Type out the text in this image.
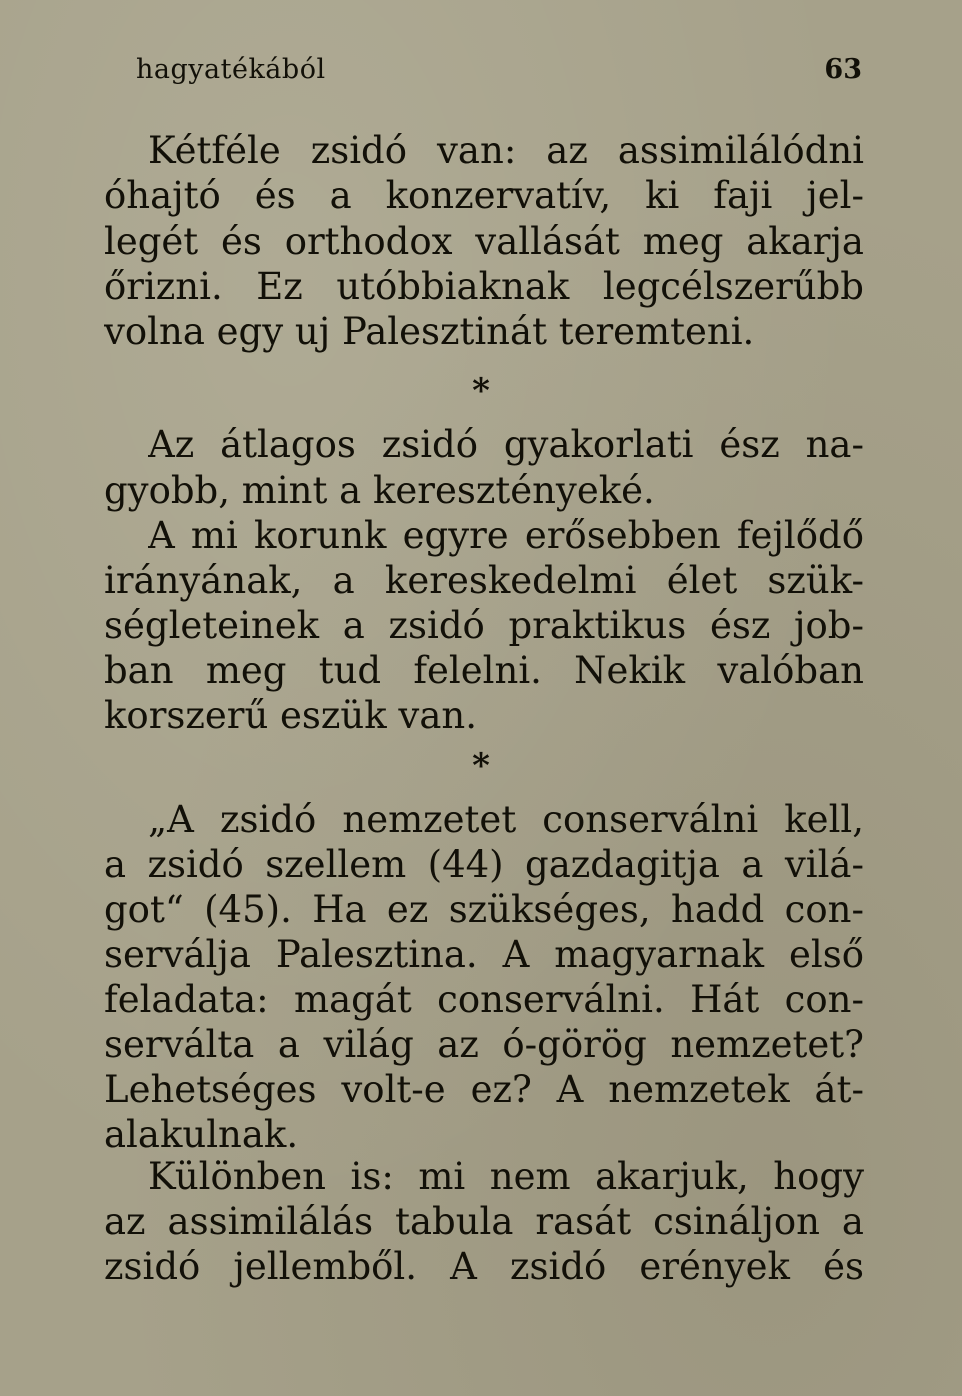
hagyatékából	63
Kétféle zsidó van: az assimilálódni
óhajtó és a konzervatív, ki faji jel-
legét és orthodox vallását meg akarja
őrizni. Ez utóbbiaknak legcélszerűbb
volna egy uj Palesztinát teremteni.
*
Az átlagos zsidó gyakorlati ész na-
gyobb, mint a keresztényeké.
A mi korunk egyre erősebben fejlődő
irányának, a kereskedelmi élet szük-
ségleteinek a zsidó praktikus ész job-
ban meg tud felelni. Nekik valóban
korszerű eszük van.
*
„A zsidó nemzetet conserválni kell,
a zsidó szellem (44) gazdagitja a vilá-
got“ (45). Ha ez szükséges, hadd con-
serválja Palesztina. A magyarnak első
feladata: magát conserválni. Hát con-
serválta a világ az ó-görög nemzetet?
Lehetséges volt-e ez? A nemzetek át-
alakulnak.
Különben is: mi nem akarjuk, hogy
az assimilálás tabula rasát csináljon a
zsidó jellemből. A zsidó erények és
